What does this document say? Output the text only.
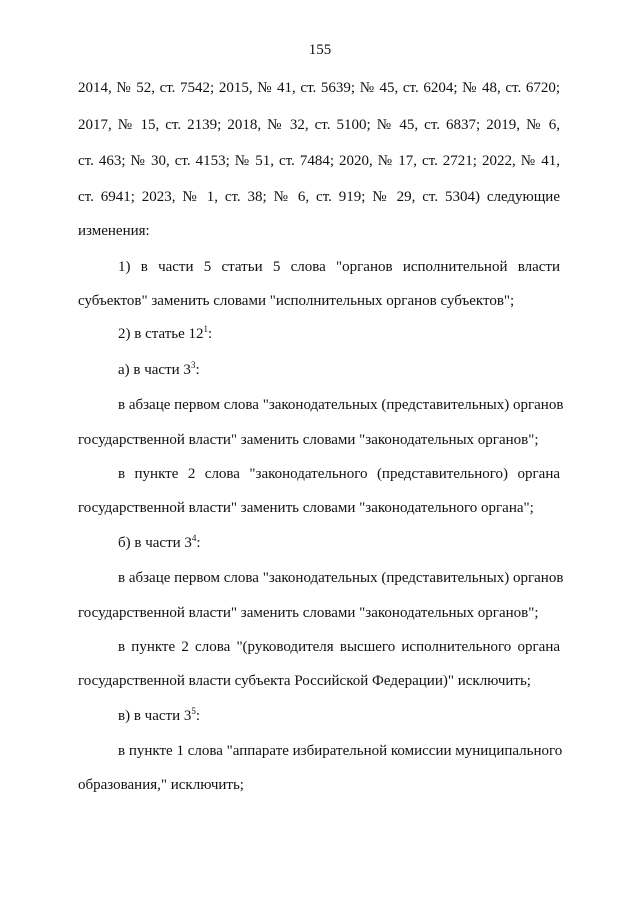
155
2014, № 52, ст. 7542; 2015, № 41, ст. 5639; № 45, ст. 6204; № 48, ст. 6720;
2017, № 15, ст. 2139; 2018, № 32, ст. 5100; № 45, ст. 6837; 2019, № 6,
ст. 463; № 30, ст. 4153; № 51, ст. 7484; 2020, № 17, ст. 2721; 2022, № 41,
ст. 6941; 2023, № 1, ст. 38; № 6, ст. 919; № 29, ст. 5304) следующие
изменения:
1) в части 5 статьи 5 слова "органов исполнительной власти
субъектов" заменить словами "исполнительных органов субъектов";
2) в статье $12^1$:
а) в части $3^3$:
в абзаце первом слова "законодательных (представительных) органов
государственной власти" заменить словами "законодательных органов";
в пункте 2 слова "законодательного (представительного) органа
государственной власти" заменить словами "законодательного органа";
б) в части $3^4$:
в абзаце первом слова "законодательных (представительных) органов
государственной власти" заменить словами "законодательных органов";
в пункте 2 слова "(руководителя высшего исполнительного органа
государственной власти субъекта Российской Федерации)" исключить;
в) в части $3^5$:
в пункте 1 слова "аппарате избирательной комиссии муниципального
образования," исключить;
